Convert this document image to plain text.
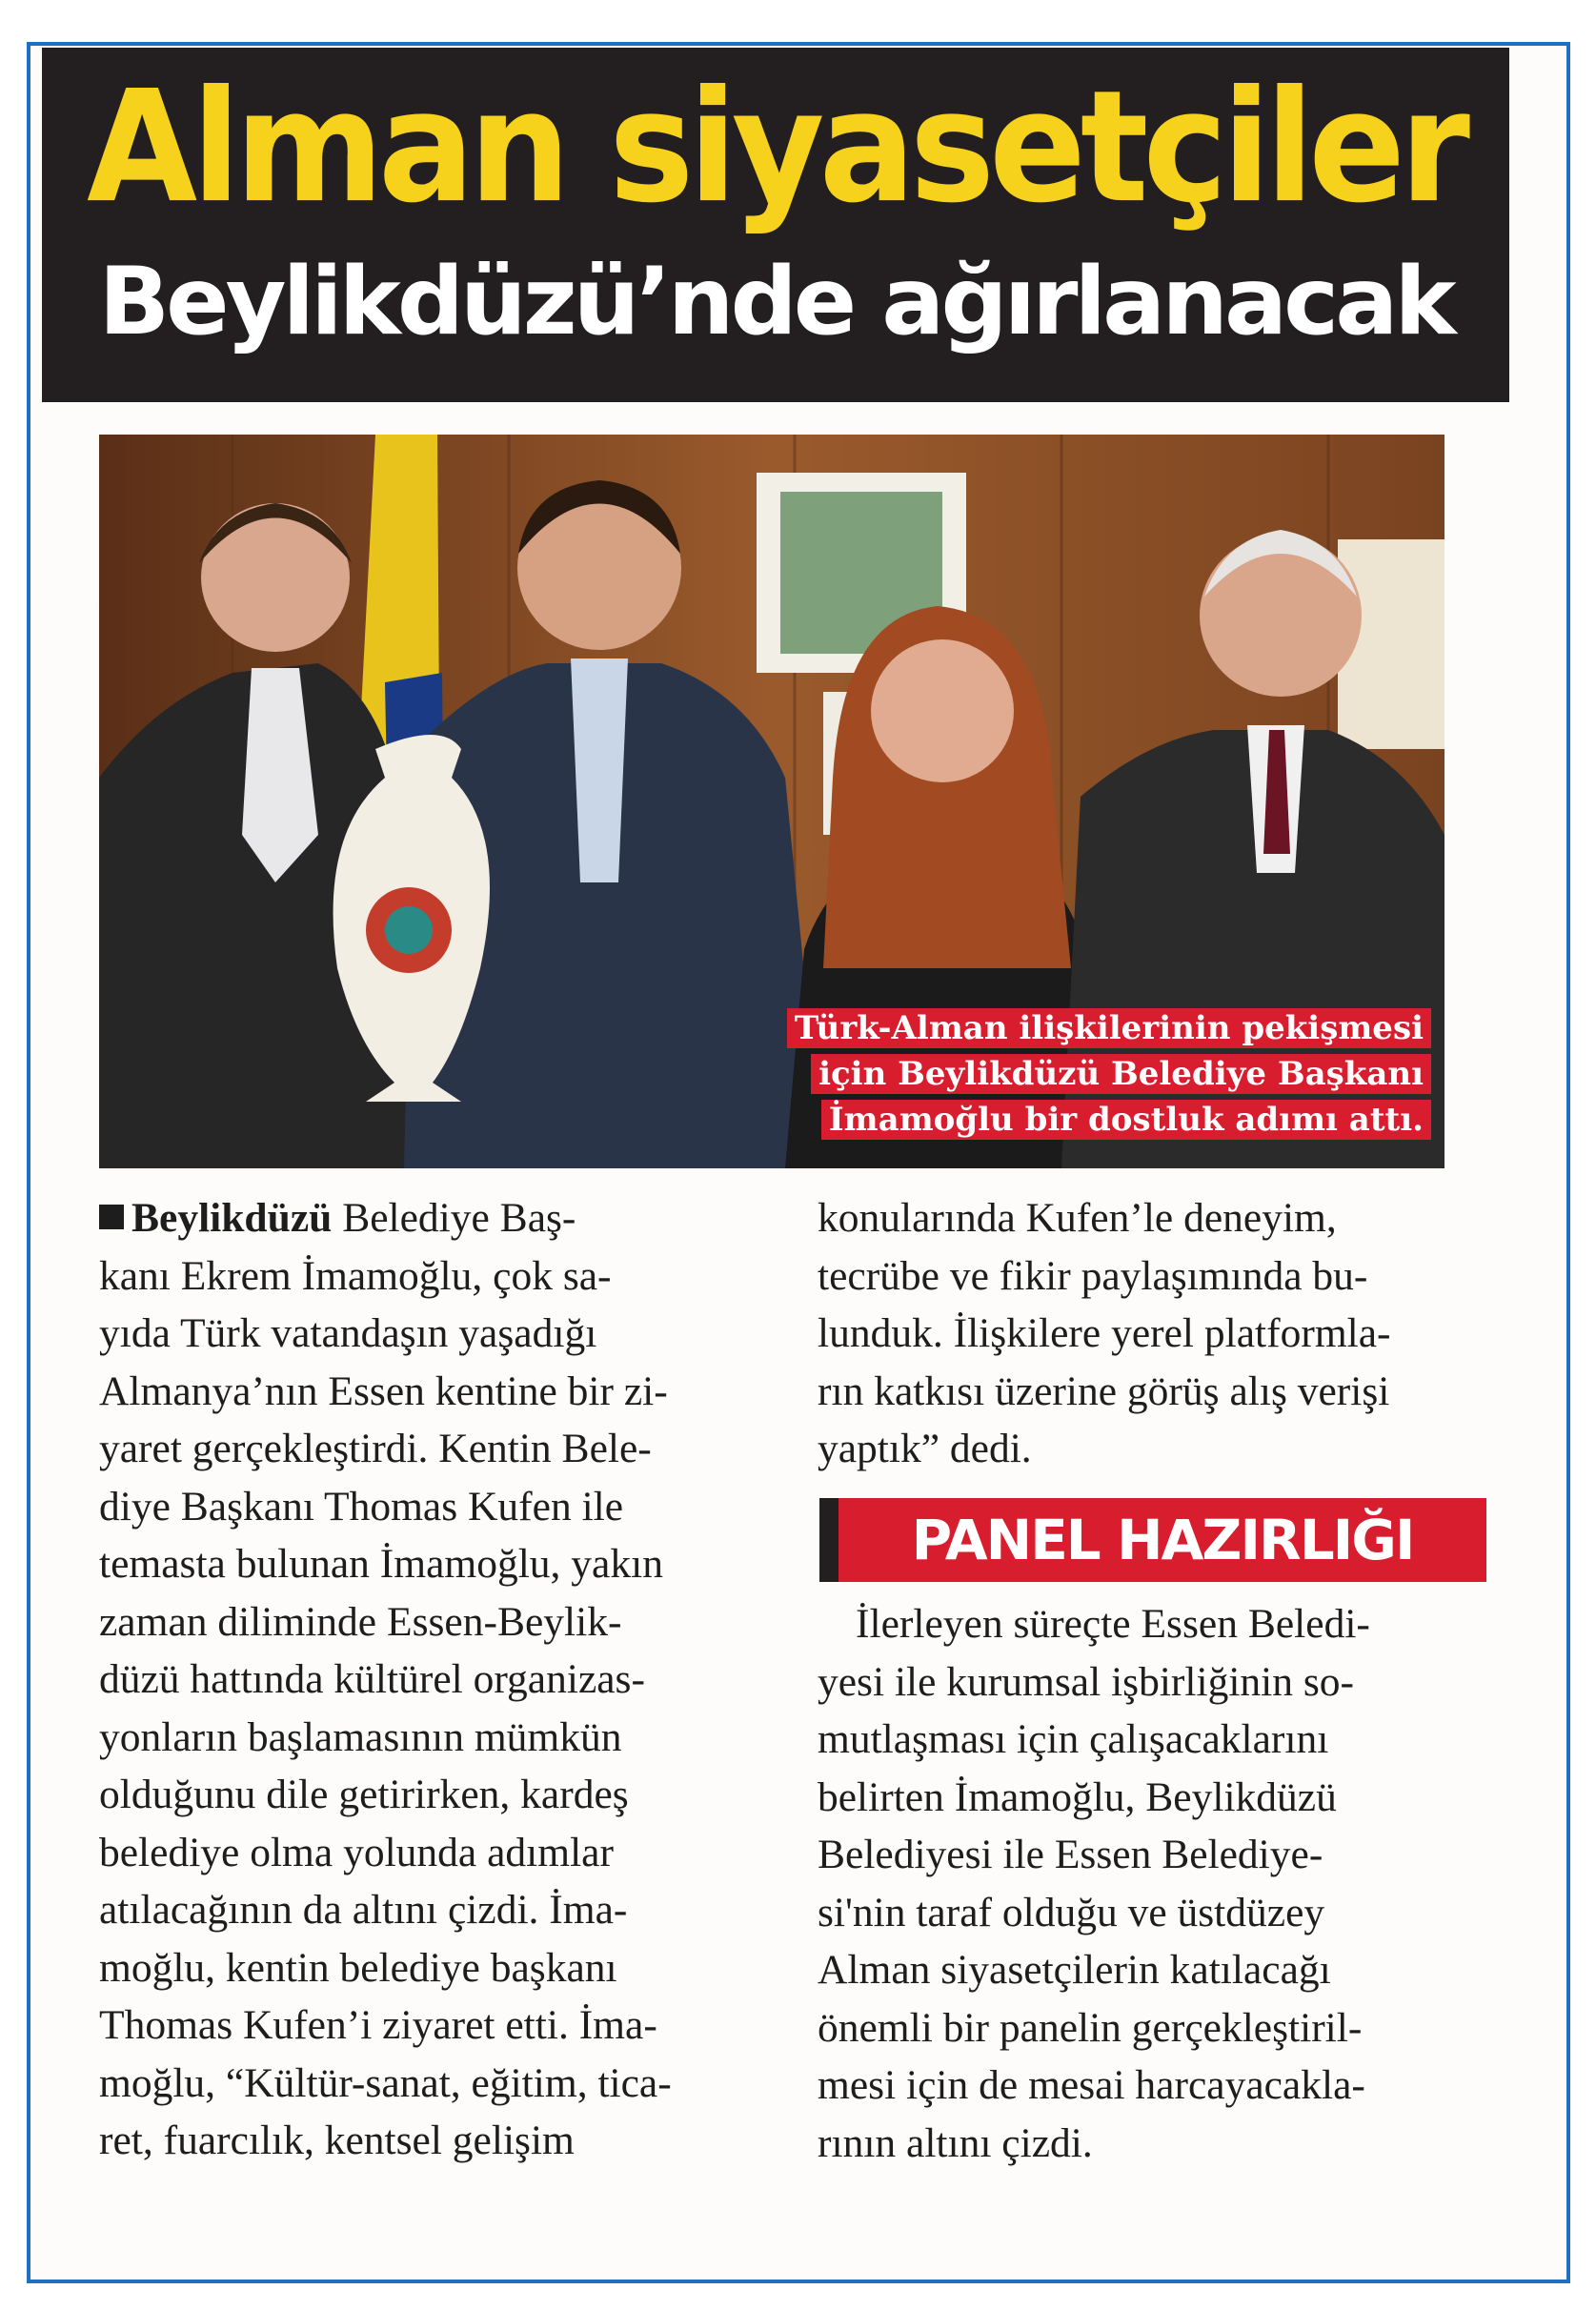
Alman siyasetçiler
Beylikdüzü’nde ağırlanacak
Türk-Alman ilişkilerinin pekişmesi
için Beylikdüzü Belediye Başkanı
İmamoğlu bir dostluk adımı attı.

Beylikdüzü Belediye Baş-
kanı Ekrem İmamoğlu, çok sa-
yıda Türk vatandaşın yaşadığı
Almanya’nın Essen kentine bir zi-
yaret gerçekleştirdi. Kentin Bele-
diye Başkanı Thomas Kufen ile
temasta bulunan İmamoğlu, yakın
zaman diliminde Essen-Beylik-
düzü hattında kültürel organizas-
yonların başlamasının mümkün
olduğunu dile getirirken, kardeş
belediye olma yolunda adımlar
atılacağının da altını çizdi. İma-
moğlu, kentin belediye başkanı
Thomas Kufen’i ziyaret etti. İma-
moğlu, “Kültür-sanat, eğitim, tica-
ret, fuarcılık, kentsel gelişim

konularında Kufen’le deneyim,
tecrübe ve fikir paylaşımında bu-
lunduk. İlişkilere yerel platformla-
rın katkısı üzerine görüş alış verişi
yaptık” dedi.

PANEL HAZIRLIĞI

İlerleyen süreçte Essen Beledi-

yesi ile kurumsal işbirliğinin so-
mutlaşması için çalışacaklarını
belirten İmamoğlu, Beylikdüzü
Belediyesi ile Essen Belediye-
si'nin taraf olduğu ve üstdüzey
Alman siyasetçilerin katılacağı
önemli bir panelin gerçekleştiril-
mesi için de mesai harcayacakla-
rının altını çizdi.
